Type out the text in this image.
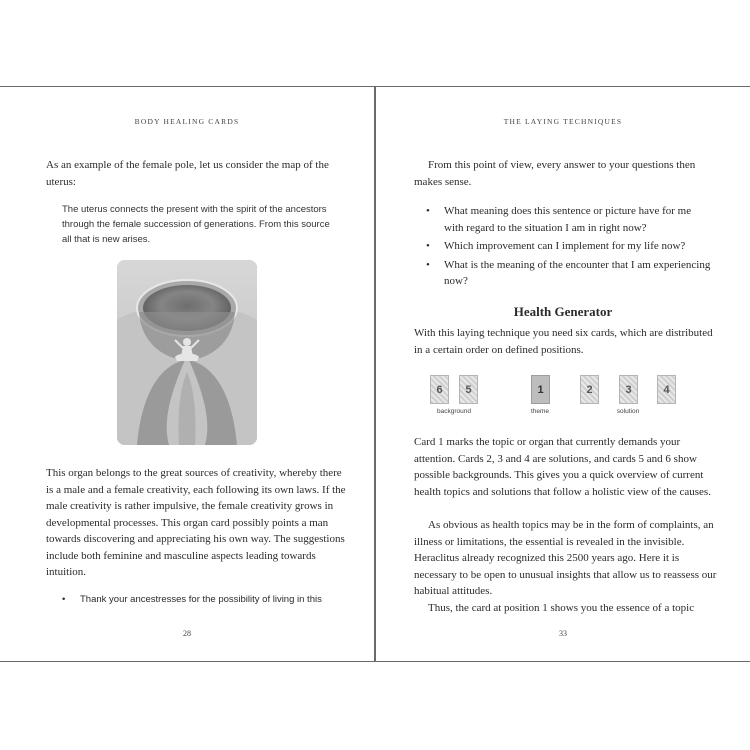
BODY HEALING CARDS

As an example of the female pole, let us consider the map of the uterus:

The uterus connects the present with the spirit of the ancestors through the female succession of generations. From this source all that is new arises.

This organ belongs to the great sources of creativity, whereby there is a male and a female creativity, each following its own laws. If the male creativity is rather impulsive, the female creativity grows in developmental processes. This organ card possibly points a man towards discovering and appreciating his own way. The suggestions include both feminine and masculine aspects leading towards intuition.

• Thank your ancestresses for the possibility of living in this
28
THE LAYING TECHNIQUES

From this point of view, every answer to your questions then makes sense.

• What meaning does this sentence or picture have for me with regard to the situation I am in right now?
• Which improvement can I implement for my life now?
• What is the meaning of the encounter that I am experiencing now?
Health Generator

With this laying technique you need six cards, which are distributed in a certain order on defined positions.

6	5	1	2	3	4
background	theme	solution

Card 1 marks the topic or organ that currently demands your attention. Cards 2, 3 and 4 are solutions, and cards 5 and 6 show possible backgrounds. This gives you a quick overview of current health topics and solutions that follow a holistic view of the causes.

As obvious as health topics may be in the form of complaints, an illness or limitations, the essential is revealed in the invisible. Heraclitus already recognized this 2500 years ago. Here it is necessary to be open to unusual insights that allow us to reassess our habitual attitudes.

Thus, the card at position 1 shows you the essence of a topic

33
